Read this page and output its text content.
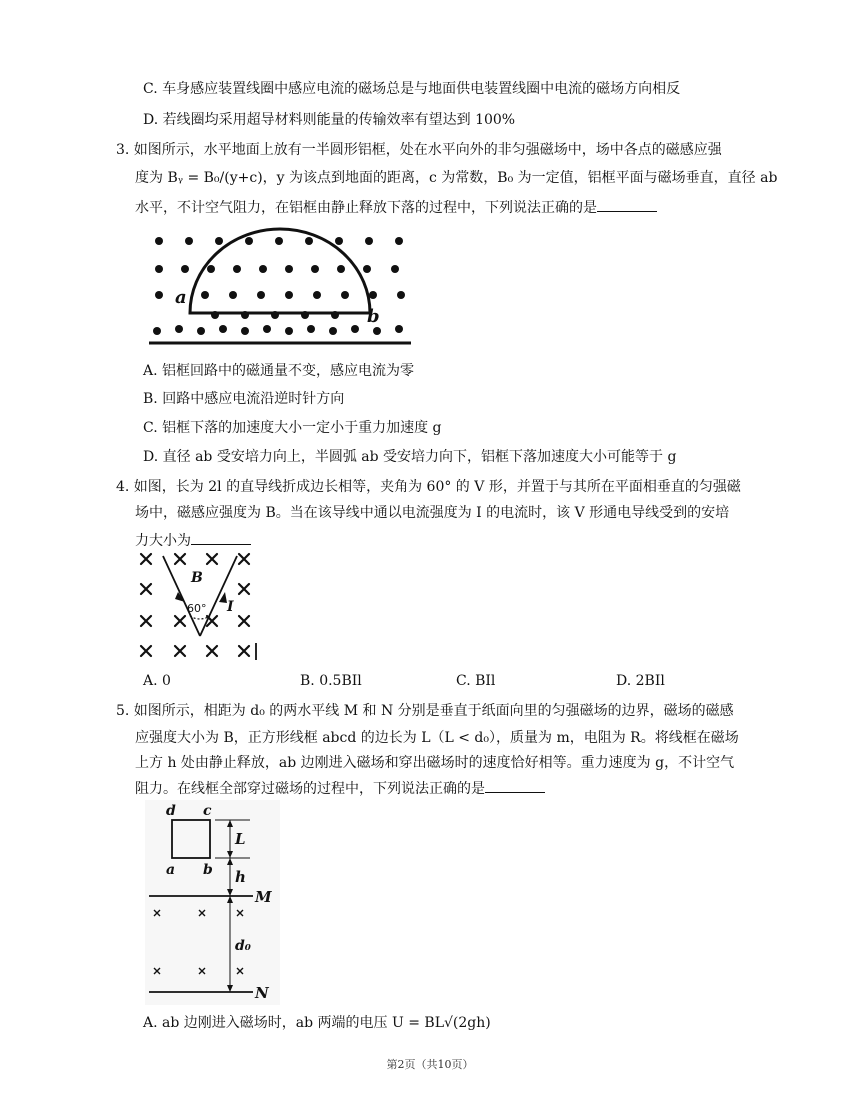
C. 车身感应装置线圈中感应电流的磁场总是与地面供电装置线圈中电流的磁场方向相反
D. 若线圈均采用超导材料则能量的传输效率有望达到 100%
3. 如图所示，水平地面上放有一半圆形铝框，处在水平向外的非匀强磁场中，场中各点的磁感应强
度为 Bᵧ = B₀/(y+c)，y 为该点到地面的距离，c 为常数，B₀ 为一定值，铝框平面与磁场垂直，直径 ab
水平，不计空气阻力，在铝框由静止释放下落的过程中，下列说法正确的是
a
b
A. 铝框回路中的磁通量不变，感应电流为零
B. 回路中感应电流沿逆时针方向
C. 铝框下落的加速度大小一定小于重力加速度 g
D. 直径 ab 受安培力向上，半圆弧 ab 受安培力向下，铝框下落加速度大小可能等于 g
4. 如图，长为 2l 的直导线折成边长相等，夹角为 60° 的 V 形，并置于与其所在平面相垂直的匀强磁
场中，磁感应强度为 B。当在该导线中通以电流强度为 I 的电流时，该 V 形通电导线受到的安培
力大小为
B
60° I
A. 0	B. 0.5BIl	C. BIl	D. 2BIl
5. 如图所示，相距为 d₀ 的两水平线 M 和 N 分别是垂直于纸面向里的匀强磁场的边界，磁场的磁感
应强度大小为 B，正方形线框 abcd 的边长为 L（L < d₀），质量为 m，电阻为 R。将线框在磁场
上方 h 处由静止释放，ab 边刚进入磁场和穿出磁场时的速度恰好相等。重力速度为 g，不计空气
阻力。在线框全部穿过磁场的过程中，下列说法正确的是
d c
a b
L
h
M
d₀
N
A. ab 边刚进入磁场时，ab 两端的电压 U = BL√(2gh)
第2页（共10页）
